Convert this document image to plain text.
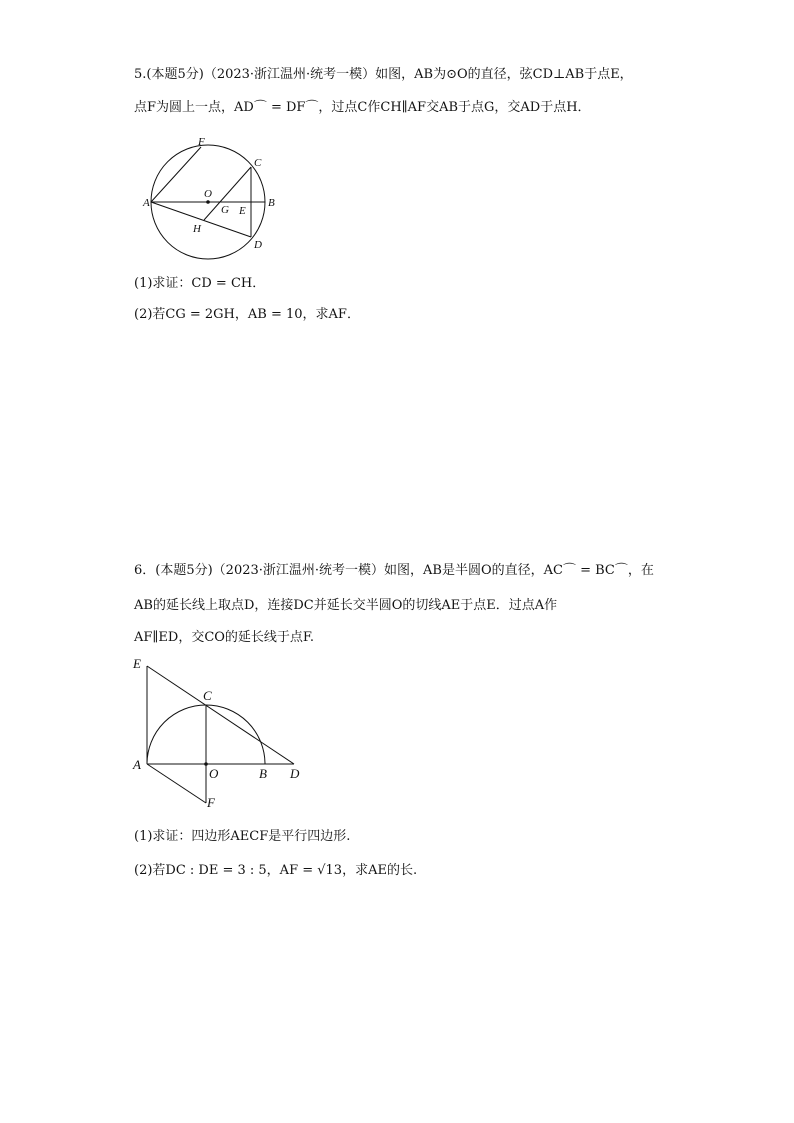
5.(本题5分)（2023·浙江温州·统考一模）如图，AB为⊙O的直径，弦CD⊥AB于点E，
点F为圆上一点，AD⌒ = DF⌒，过点C作CH∥AF交AB于点G，交AD于点H．
F
C
O
A	B
G E
H
D
E
C
A
O	B D
F
(1)求证：CD = CH．
(2)若CG = 2GH，AB = 10，求AF．
6．(本题5分)（2023·浙江温州·统考一模）如图，AB是半圆O的直径，AC⌒ = BC⌒，在
AB的延长线上取点D，连接DC并延长交半圆O的切线AE于点E．过点A作
AF∥ED，交CO的延长线于点F.
(1)求证：四边形AECF是平行四边形.
(2)若DC : DE = 3 : 5，AF = √13，求AE的长.
